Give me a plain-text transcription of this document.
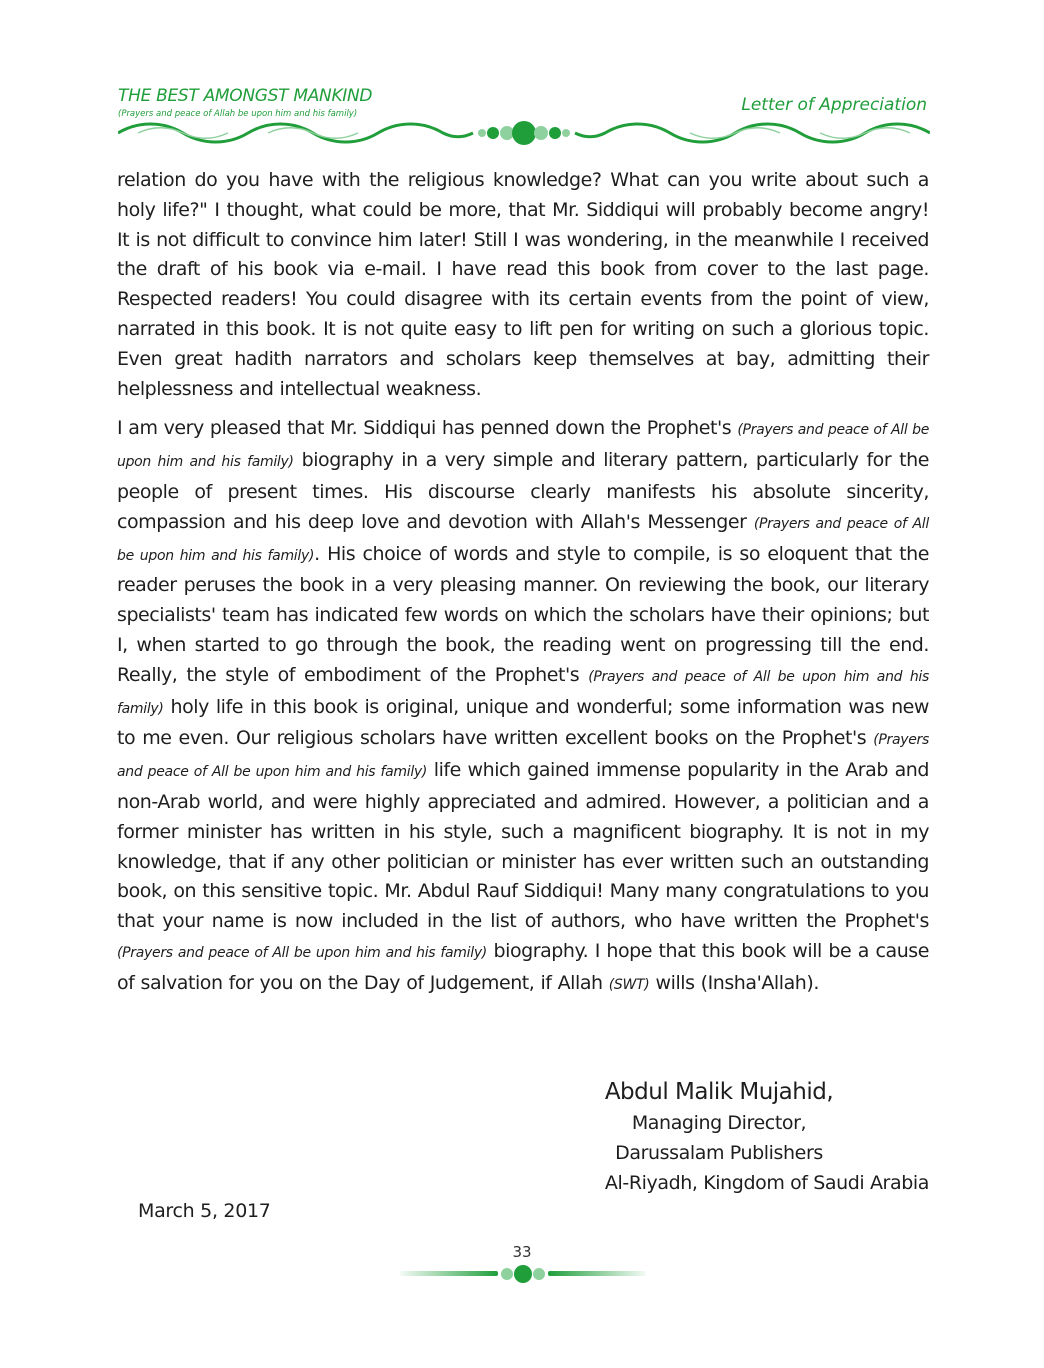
THE BEST AMONGST MANKIND
(Prayers and peace of Allah be upon him and his family)	Letter of Appreciation

relation do you have with the religious knowledge? What can you write about such a holy life?" I thought, what could be more, that Mr. Siddiqui will probably become angry! It is not difficult to convince him later! Still I was wondering, in the meanwhile I received the draft of his book via e-mail. I have read this book from cover to the last page. Respected readers! You could disagree with its certain events from the point of view, narrated in this book. It is not quite easy to lift pen for writing on such a glorious topic. Even great hadith narrators and scholars keep themselves at bay, admitting their helplessness and intellectual weakness.

I am very pleased that Mr. Siddiqui has penned down the Prophet's (Prayers and peace of All be upon him and his family) biography in a very simple and literary pattern, particularly for the people of present times. His discourse clearly manifests his absolute sincerity, compassion and his deep love and devotion with Allah's Messenger (Prayers and peace of All be upon him and his family). His choice of words and style to compile, is so eloquent that the reader peruses the book in a very pleasing manner. On reviewing the book, our literary specialists' team has indicated few words on which the scholars have their opinions; but I, when started to go through the book, the reading went on progressing till the end. Really, the style of embodiment of the Prophet's (Prayers and peace of All be upon him and his family) holy life in this book is original, unique and wonderful; some information was new to me even. Our religious scholars have written excellent books on the Prophet's (Prayers and peace of All be upon him and his family) life which gained immense popularity in the Arab and non-Arab world, and were highly appreciated and admired. However, a politician and a former minister has written in his style, such a magnificent biography. It is not in my knowledge, that if any other politician or minister has ever written such an outstanding book, on this sensitive topic. Mr. Abdul Rauf Siddiqui! Many many congratulations to you that your name is now included in the list of authors, who have written the Prophet's (Prayers and peace of All be upon him and his family) biography. I hope that this book will be a cause of salvation for you on the Day of Judgement, if Allah (SWT) wills (Insha'Allah).

Abdul Malik Mujahid,
Managing Director,
Darussalam Publishers
Al-Riyadh, Kingdom of Saudi Arabia
March 5, 2017
33
